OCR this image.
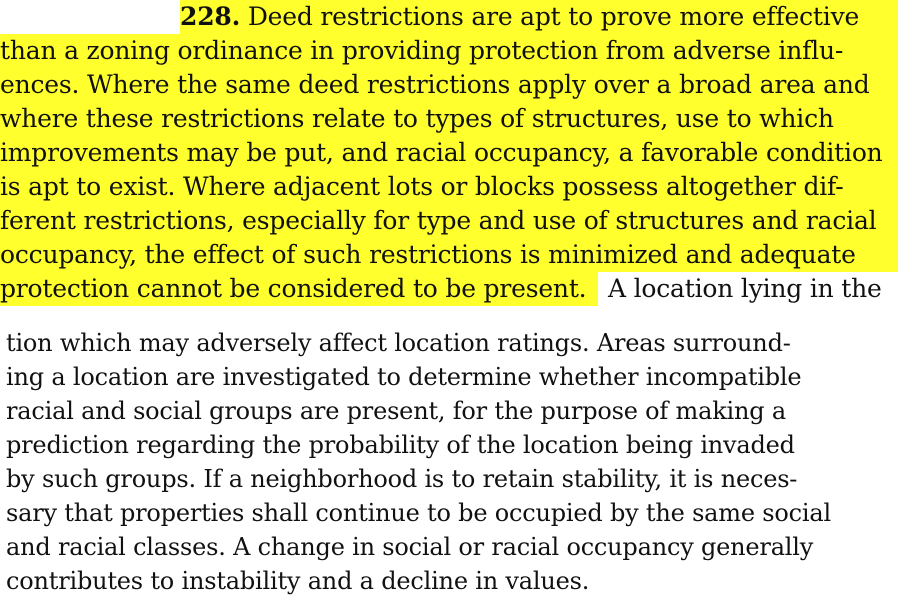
228. Deed restrictions are apt to prove more effective
than a zoning ordinance in providing protection from adverse influ-
ences. Where the same deed restrictions apply over a broad area and
where these restrictions relate to types of structures, use to which
improvements may be put, and racial occupancy, a favorable condition
is apt to exist. Where adjacent lots or blocks possess altogether dif-
ferent restrictions, especially for type and use of structures and racial
occupancy, the effect of such restrictions is minimized and adequate
protection cannot be considered to be present. A location lying in the
tion which may adversely affect location ratings. Areas surround-
ing a location are investigated to determine whether incompatible
racial and social groups are present, for the purpose of making a
prediction regarding the probability of the location being invaded
by such groups. If a neighborhood is to retain stability, it is neces-
sary that properties shall continue to be occupied by the same social
and racial classes. A change in social or racial occupancy generally
contributes to instability and a decline in values.
